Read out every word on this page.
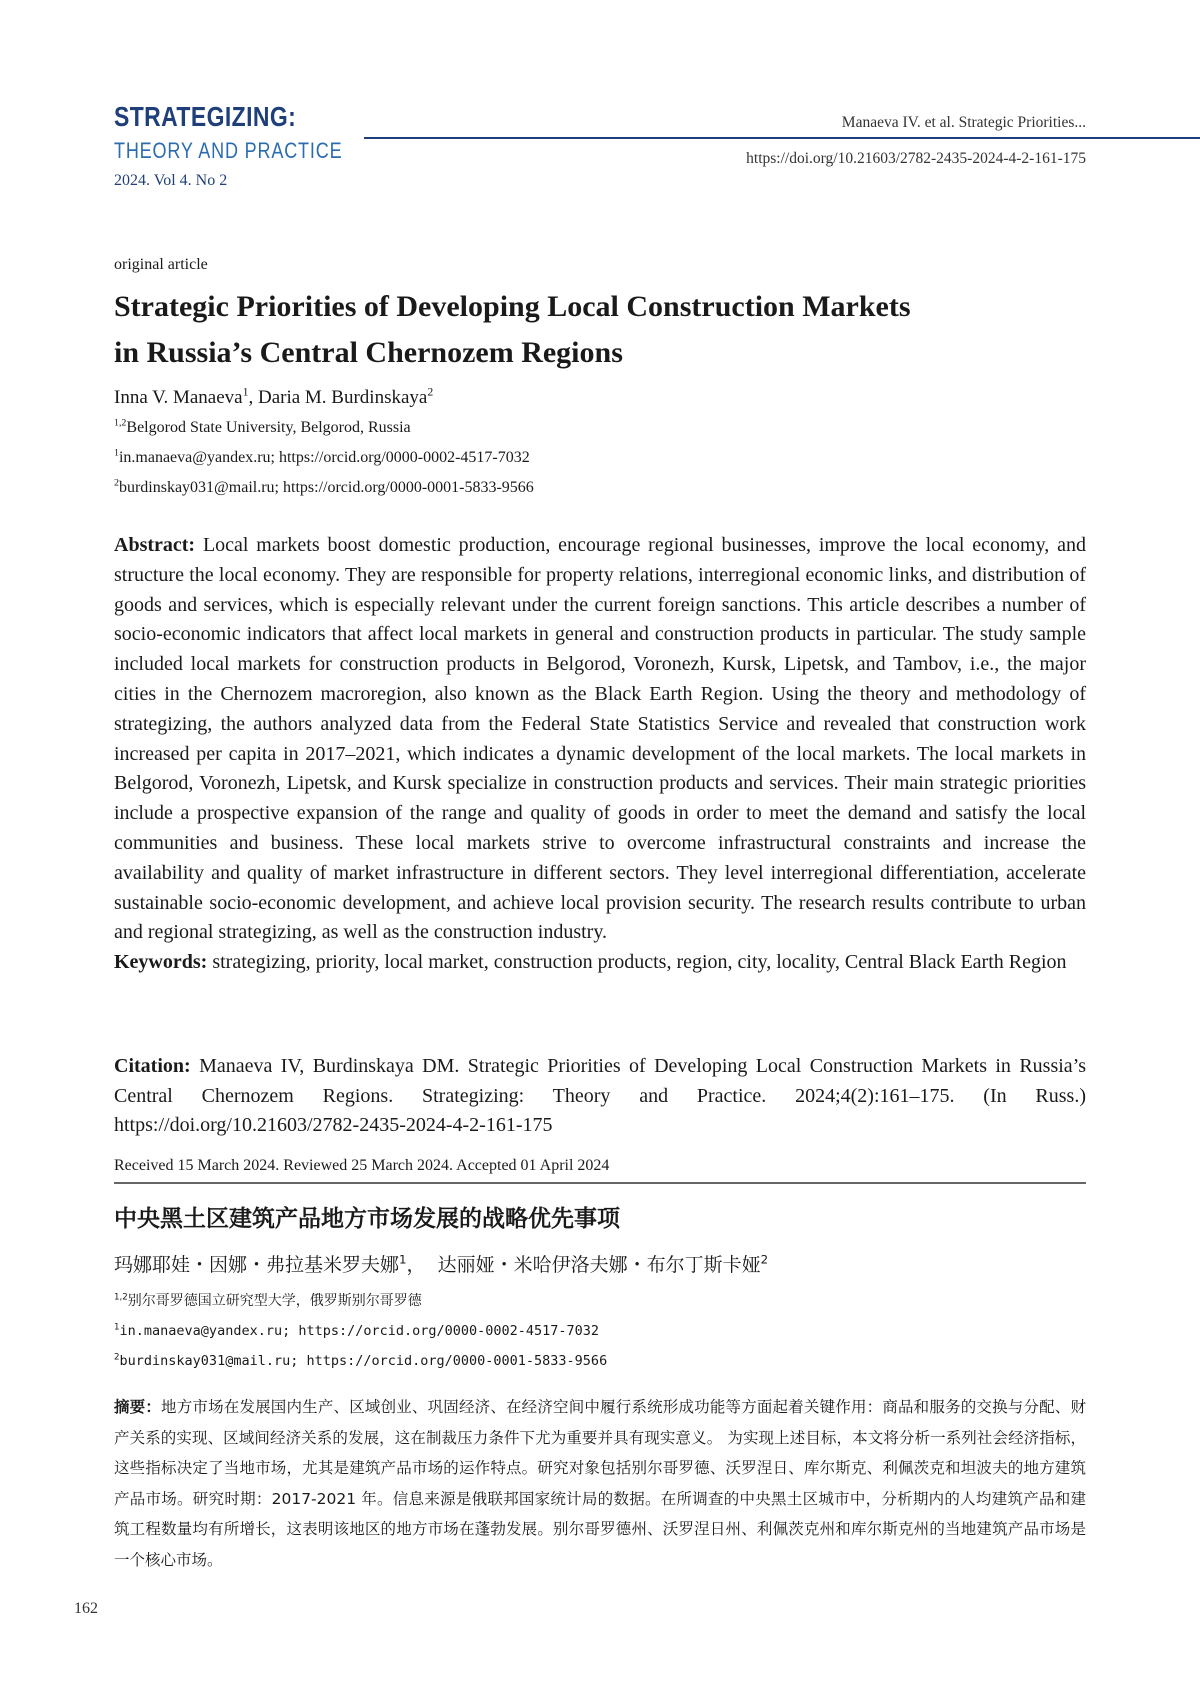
STRATEGIZING:
THEORY AND PRACTICE
2024. Vol 4. No 2
Manaeva IV. et al. Strategic Priorities...
https://doi.org/10.21603/2782-2435-2024-4-2-161-175
original article
Strategic Priorities of Developing Local Construction Markets
in Russia’s Central Chernozem Regions
Inna V. Manaeva$^1$, Daria M. Burdinskaya$^2$
$^{1,2}$Belgorod State University, Belgorod, Russia
$^1$in.manaeva@yandex.ru; https://orcid.org/0000-0002-4517-7032
$^2$burdinskay031@mail.ru; https://orcid.org/0000-0001-5833-9566

Abstract: Local markets boost domestic production, encourage regional businesses, improve the local economy, and structure the local economy. They are responsible for property relations, interregional economic links, and distribution of goods and services, which is especially relevant under the current foreign sanctions. This article describes a number of socio-economic indicators that affect local markets in general and construction products in particular. The study sample included local markets for construction products in Belgorod, Voronezh, Kursk, Lipetsk, and Tambov, i.e., the major cities in the Chernozem macroregion, also known as the Black Earth Region. Using the theory and methodology of strategizing, the authors analyzed data from the Federal State Statistics Service and revealed that construction work increased per capita in 2017–2021, which indicates a dynamic development of the local markets. The local markets in Belgorod, Voronezh, Lipetsk, and Kursk specialize in construction products and services. Their main strategic priorities include a prospective expansion of the range and quality of goods in order to meet the demand and satisfy the local communities and business. These local markets strive to overcome infrastructural constraints and increase the availability and quality of market infrastructure in different sectors. They level interregional differentiation, accelerate sustainable socio-economic development, and achieve local provision security. The research results contribute to urban and regional strategizing, as well as the construction industry.

Keywords: strategizing, priority, local market, construction products, region, city, locality, Central Black Earth Region

Citation: Manaeva IV, Burdinskaya DM. Strategic Priorities of Developing Local Construction Markets in Russia’s Central Chernozem Regions. Strategizing: Theory and Practice. 2024;4(2):161–175. (In Russ.) https://doi.org/10.21603/2782-2435-2024-4-2-161-175

Received 15 March 2024. Reviewed 25 March 2024. Accepted 01 April 2024
中央黑土区建筑产品地方市场发展的战略优先事项
玛娜耶娃・因娜・弗拉基米罗夫娜$^1$，  达丽娅・米哈伊洛夫娜・布尔丁斯卡娅$^2$
$^{1,2}$别尔哥罗德国立研究型大学，俄罗斯别尔哥罗德
$^1$in.manaeva@yandex.ru; https://orcid.org/0000-0002-4517-7032
$^2$burdinskay031@mail.ru; https://orcid.org/0000-0001-5833-9566
摘要：地方市场在发展国内生产、区域创业、巩固经济、在经济空间中履行系统形成功能等方面起着关键作用：商品和服务的交换与分配、财产关系的实现、区域间经济关系的发展，这在制裁压力条件下尤为重要并具有现实意义。 为实现上述目标，本文将分析一系列社会经济指标，这些指标决定了当地市场，尤其是建筑产品市场的运作特点。研究对象包括别尔哥罗德、沃罗涅日、库尔斯克、利佩茨克和坦波夫的地方建筑产品市场。研究时期：2017-2021 年。信息来源是俄联邦国家统计局的数据。在所调查的中央黑土区城市中，分析期内的人均建筑产品和建筑工程数量均有所增长，这表明该地区的地方市场在蓬勃发展。别尔哥罗德州、沃罗涅日州、利佩茨克州和库尔斯克州的当地建筑产品市场是一个核心市场。
162
